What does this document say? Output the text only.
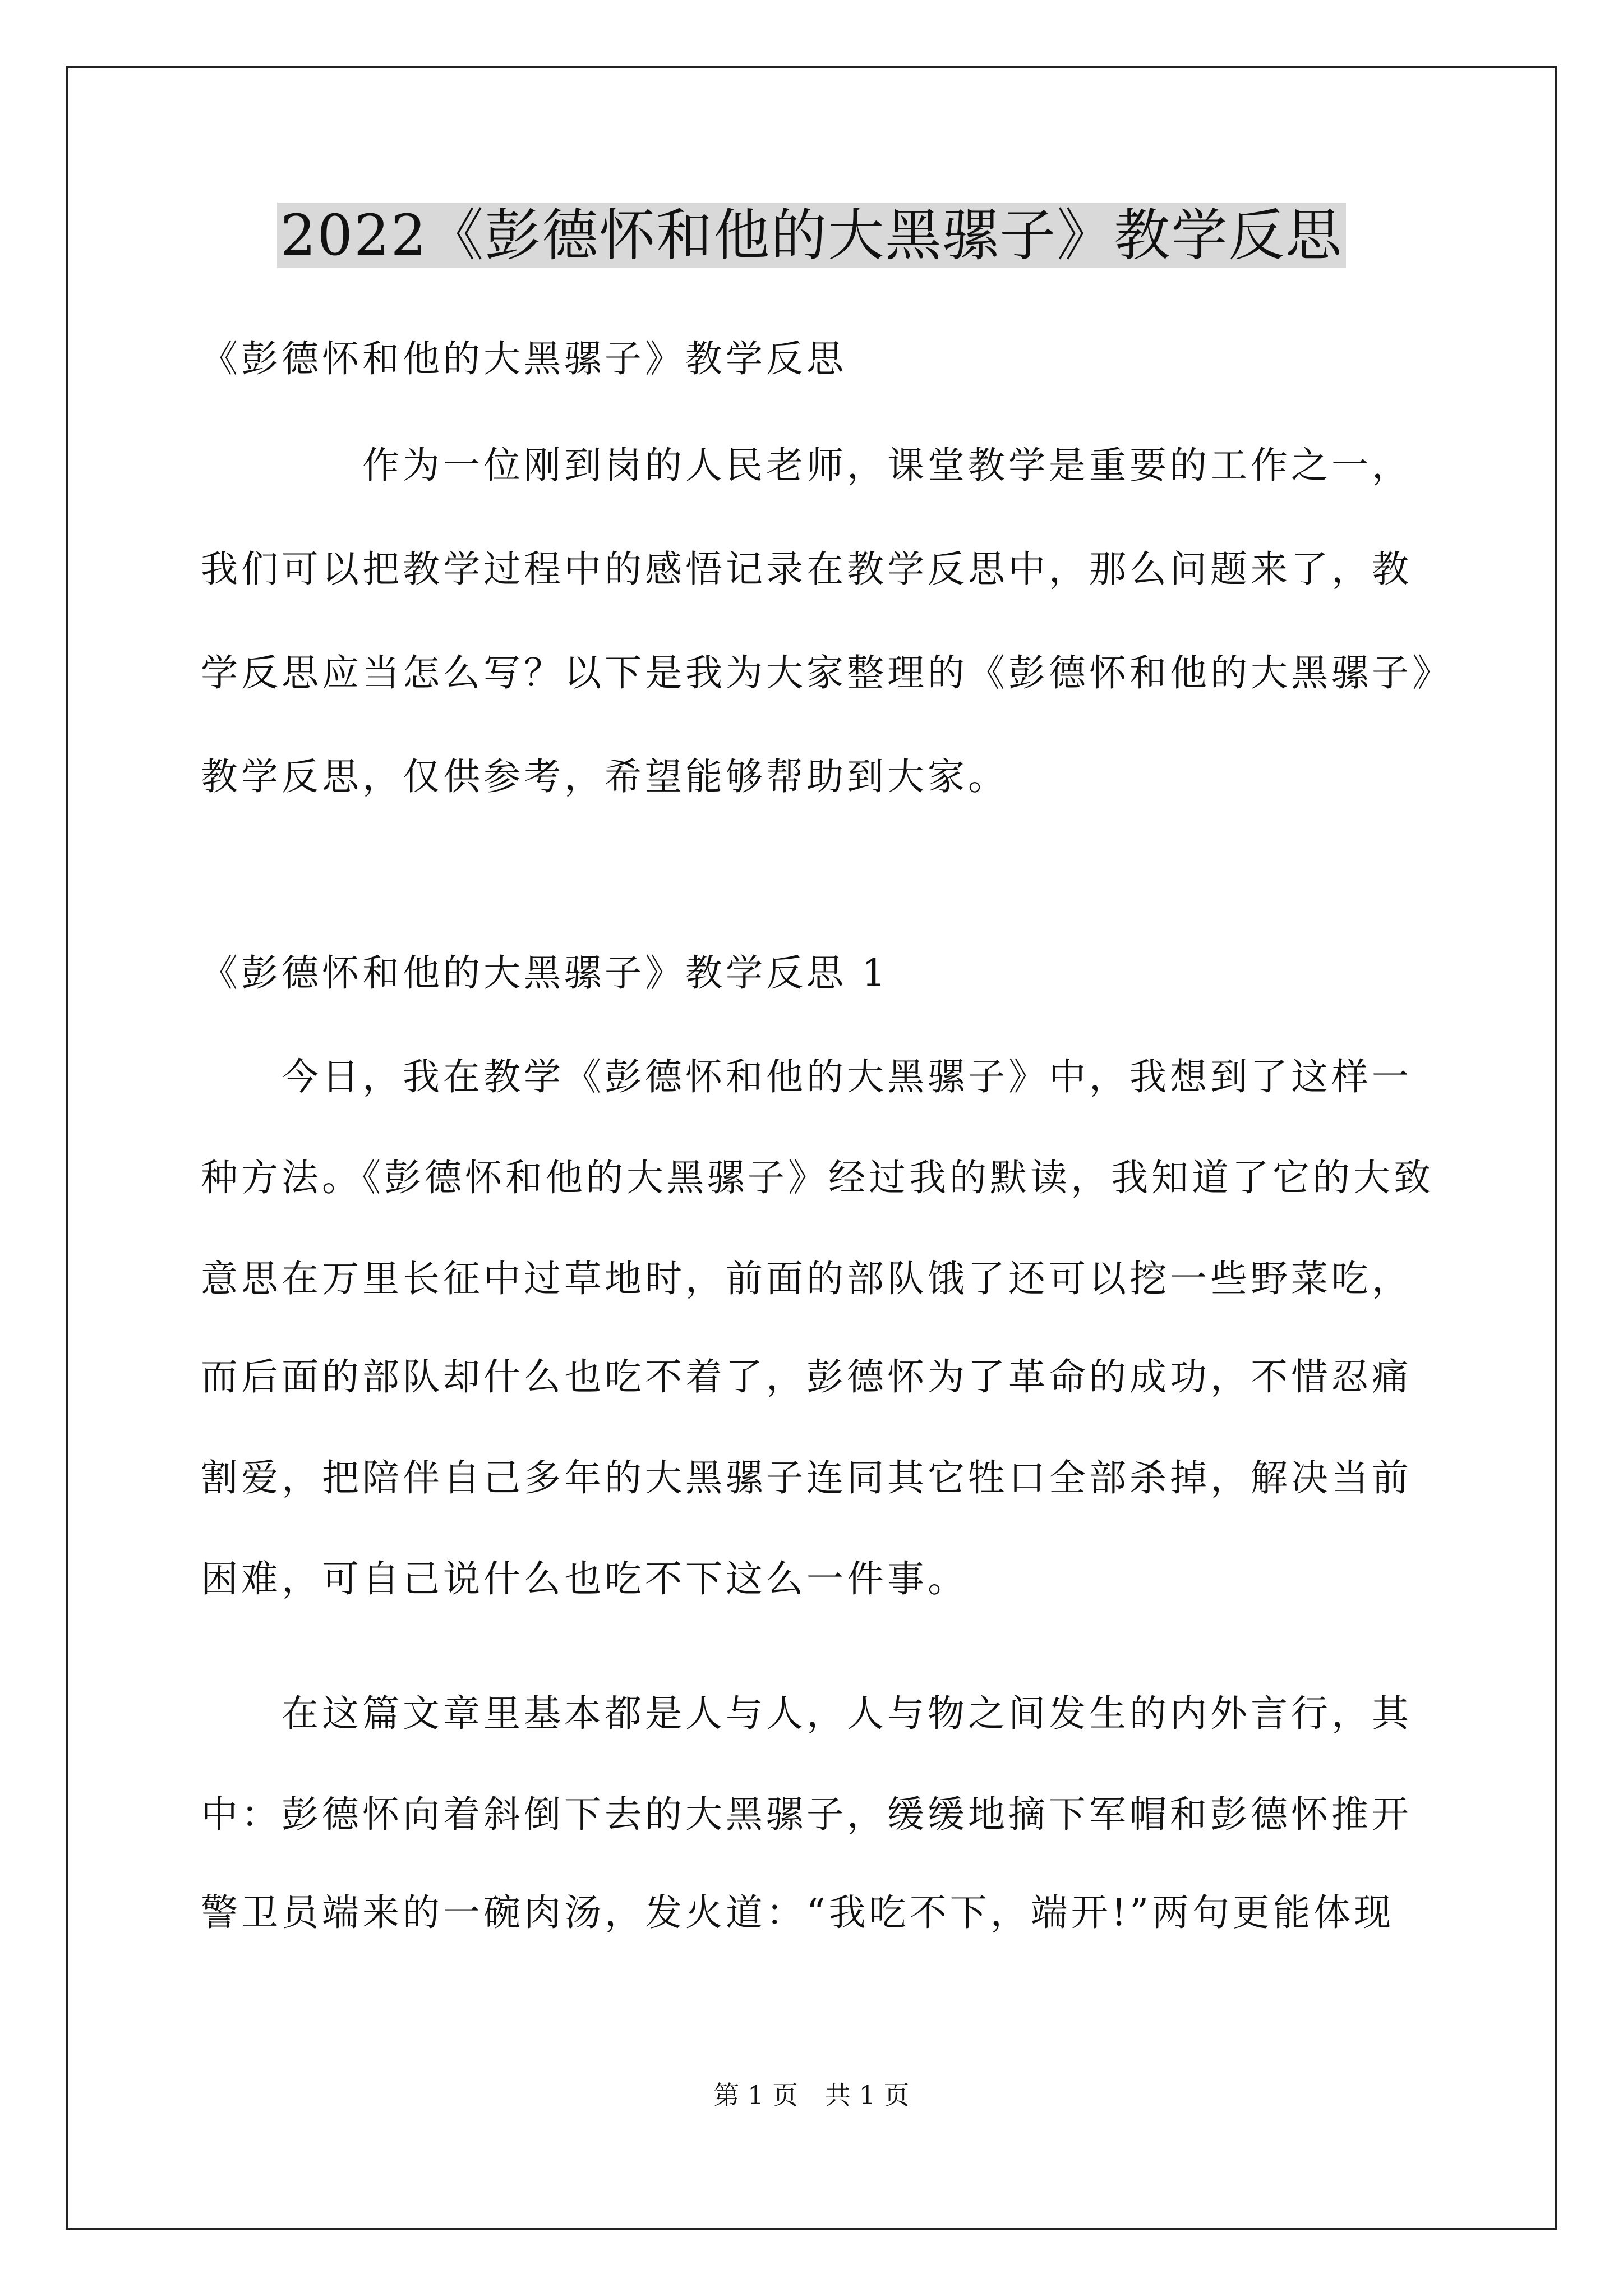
2022《彭德怀和他的大黑骡子》教学反思
《彭德怀和他的大黑骡子》教学反思
　　　　作为一位刚到岗的人民老师，课堂教学是重要的工作之一，
我们可以把教学过程中的感悟记录在教学反思中，那么问题来了，教
学反思应当怎么写？以下是我为大家整理的《彭德怀和他的大黑骡子》
教学反思，仅供参考，希望能够帮助到大家。
《彭德怀和他的大黑骡子》教学反思 1
　　今日，我在教学《彭德怀和他的大黑骡子》中，我想到了这样一
种方法。《彭德怀和他的大黑骡子》经过我的默读，我知道了它的大致
意思在万里长征中过草地时，前面的部队饿了还可以挖一些野菜吃，
而后面的部队却什么也吃不着了，彭德怀为了革命的成功，不惜忍痛
割爱，把陪伴自己多年的大黑骡子连同其它牲口全部杀掉，解决当前
困难，可自己说什么也吃不下这么一件事。
　　在这篇文章里基本都是人与人，人与物之间发生的内外言行，其
中：彭德怀向着斜倒下去的大黑骡子，缓缓地摘下军帽和彭德怀推开
警卫员端来的一碗肉汤，发火道：“我吃不下，端开!”两句更能体现
第 1 页 共 1 页
